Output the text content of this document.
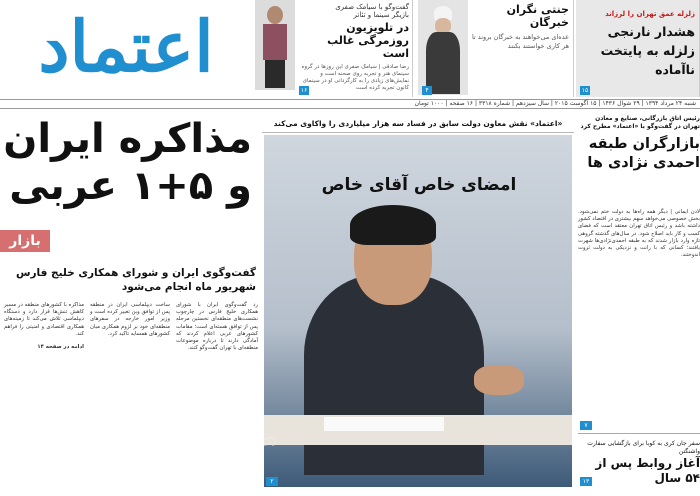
اعتماد
شنبه ۲۴ مرداد ۱۳۹۴ | ۲۹ شوال ۱۴۳۶ | ۱۵ آگوست ۲۰۱۵ | سال سیزدهم | شماره ۳۳۱۸ | ۱۶ صفحه | ۱۰۰۰ تومان
گفت‌وگو با سیامک صفری
بازیگر سینما و تئاتر
در تلویزیون روزمرگی غالب است
رضا صادقی | سیامک صفری این روزها در گروه سینمای هنر و تجربه روی صحنه است و نمایش‌های زیادی را به کارگردانی او در سینمای کانون تجربه کرده است
۱۶
جنتی نگران
خبرگان
عده‌ای می‌خواهند به خبرگان بروند تا هر کاری خواستند بکنند
۴
زلزله عمق تهران را لرزاند
هشدار نارنجی زلزله به پایتخت ناآماده
۱۵
مذاکره ایران
و ۵+۱ عربی
بازار
گفت‌وگوی ایران و شورای همکاری خلیج فارس شهریور ماه انجام می‌شود
رد گفت‌وگوی ایران با شورای همکاری خلیج فارس در چارچوب نشست‌های منطقه‌ای نخستین مرحله پس از توافق هسته‌ای است؛ مقامات کشورهای عربی اعلام کردند که آمادگی دارند تا درباره موضوعات منطقه‌ای با تهران گفت‌وگو کنند.
ساخت دیپلماسی ایران در منطقه پس از توافق وین تغییر کرده است و وزیر امور خارجه در سفرهای منطقه‌ای خود بر لزوم همکاری میان کشورهای همسایه تاکید کرد.
مذاکره با کشورهای منطقه در مسیر کاهش تنش‌ها قرار دارد و دستگاه دیپلماسی تلاش می‌کند تا زمینه‌های همکاری اقتصادی و امنیتی را فراهم کند.
ادامه در صفحه ۱۴
«اعتماد» نقش معاون دولت سابق در فساد سه هزار میلیاردی را واکاوی می‌کند
امضای خاص آقای خاص
عکس: آرشیو
۲
رئیس اتاق بازرگانی، صنایع و معادن تهران در گفت‌وگو با «اعتماد» مطرح کرد
بازارگران طبقه احمدی نژادی ها
لادن ایمانی | دیگر همه راه‌ها به دولت ختم نمی‌شود. بخش خصوصی می‌خواهد سهم بیشتری در اقتصاد کشور داشته باشد و رئیس اتاق تهران معتقد است که فضای کسب و کار باید اصلاح شود. در سال‌های گذشته گروهی تازه وارد بازار شدند که به طبقه احمدی‌نژادی‌ها شهرت یافتند؛ کسانی که با رانت و نزدیکی به دولت ثروت اندوختند.
۷
سفر جان کری به کوبا برای بازگشایی سفارت واشنگتن
آغاز روابط پس از ۵۴ سال
۱۳
